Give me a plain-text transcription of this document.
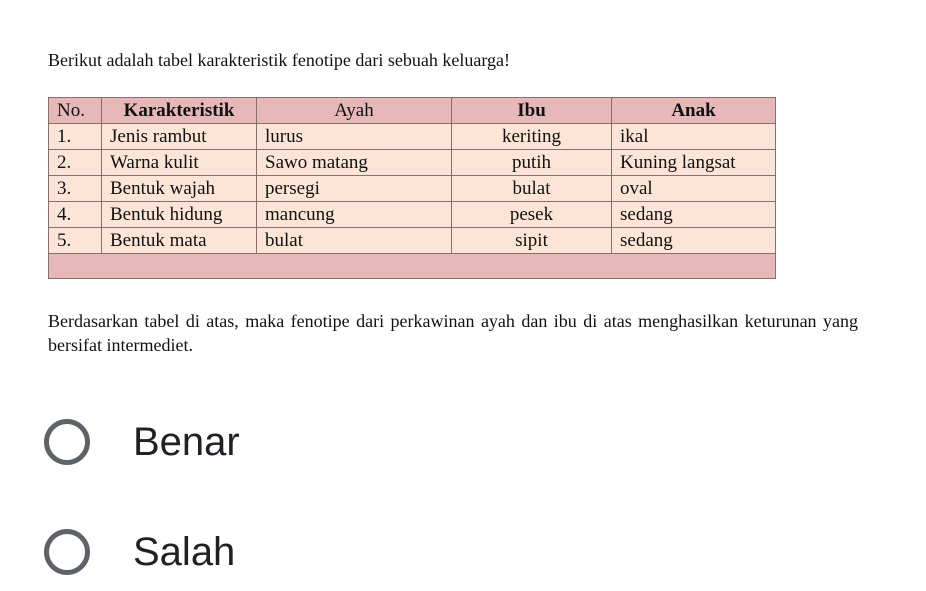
Berikut adalah tabel karakteristik fenotipe dari sebuah keluarga!
No.	Karakteristik	Ayah	Ibu	Anak
1.	Jenis rambut	lurus	keriting	ikal
2.	Warna kulit	Sawo matang	putih	Kuning langsat
3.	Bentuk wajah	persegi	bulat	oval
4.	Bentuk hidung	mancung	pesek	sedang
5.	Bentuk mata	bulat	sipit	sedang

Berdasarkan tabel di atas, maka fenotipe dari perkawinan ayah dan ibu di atas menghasilkan keturunan yang bersifat intermediet.
Benar
Salah
